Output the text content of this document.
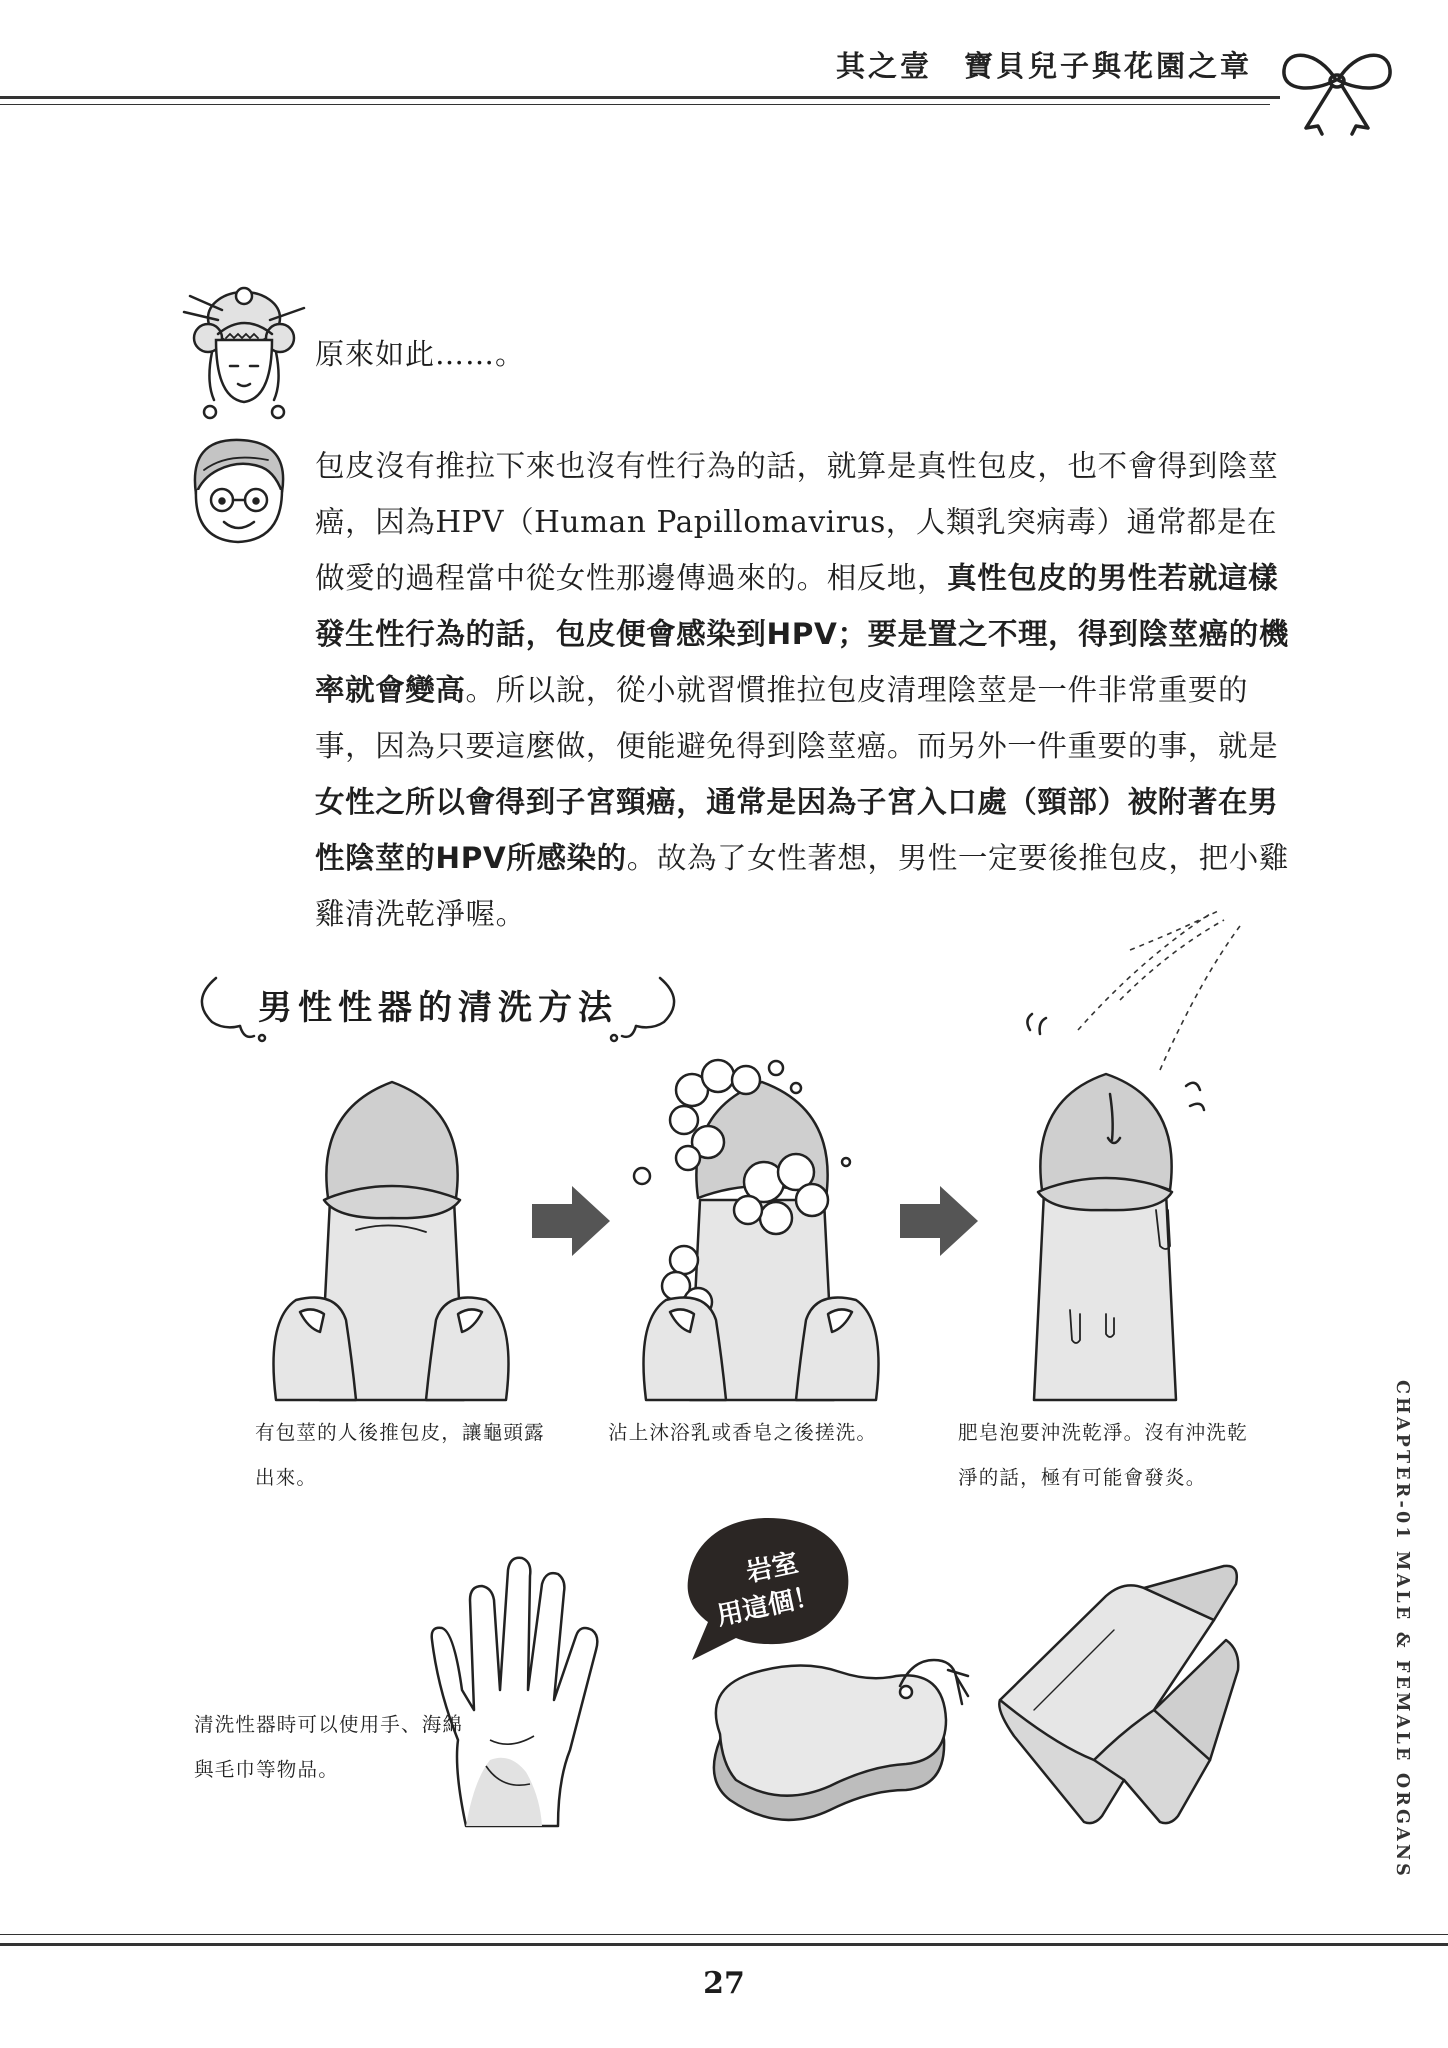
其之壹　寶貝兒子與花園之章
原來如此……。
包皮沒有推拉下來也沒有性行為的話，就算是真性包皮，也不會得到陰莖癌，因為HPV（Human Papillomavirus，人類乳突病毒）通常都是在做愛的過程當中從女性那邊傳過來的。相反地，真性包皮的男性若就這樣發生性行為的話，包皮便會感染到HPV；要是置之不理，得到陰莖癌的機率就會變高。所以說，從小就習慣推拉包皮清理陰莖是一件非常重要的事，因為只要這麼做，便能避免得到陰莖癌。而另外一件重要的事，就是女性之所以會得到子宮頸癌，通常是因為子宮入口處（頸部）被附著在男性陰莖的HPV所感染的。故為了女性著想，男性一定要後推包皮，把小雞雞清洗乾淨喔。
男性性器的清洗方法
有包莖的人後推包皮，讓龜頭露出來。
沾上沐浴乳或香皂之後搓洗。	肥皂泡要沖洗乾淨。沒有沖洗乾淨的話，極有可能會發炎。
清洗性器時可以使用手、海綿與毛巾等物品。
岩室
用這個！	CHAPTER-01 MALE & FEMALE ORGANS
27
